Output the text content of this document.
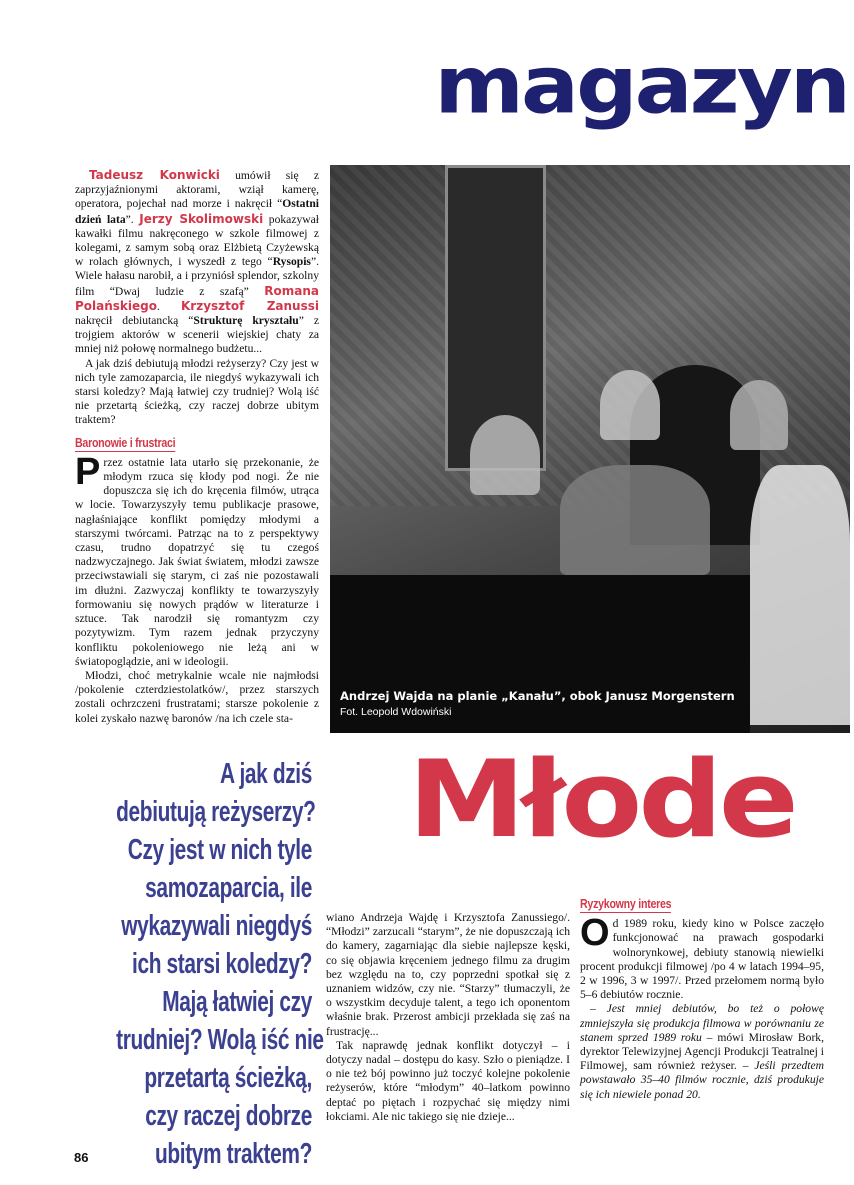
magazyn

Tadeusz Konwicki umówił się z zaprzyjaźnionymi aktorami, wziął kamerę, operatora, pojechał nad morze i nakręcił “Ostatni dzień lata”. Jerzy Skolimowski pokazywał kawałki filmu nakręconego w szkole filmowej z kolegami, z samym sobą oraz Elżbietą Czyżewską w rolach głównych, i wyszedł z tego “Rysopis”. Wiele hałasu narobił, a i przyniósł splendor, szkolny film “Dwaj ludzie z szafą” Romana Polańskiego. Krzysztof Zanussi nakręcił debiutancką “Strukturę kryształu” z trojgiem aktorów w scenerii wiejskiej chaty za mniej niż połowę normalnego budżetu...

A jak dziś debiutują młodzi reżyserzy? Czy jest w nich tyle zamozaparcia, ile niegdyś wykazywali ich starsi koledzy? Mają łatwiej czy trudniej? Wolą iść nie przetartą ścieżką, czy raczej dobrze ubitym traktem?

Baronowie i frustraci

Przez ostatnie lata utarło się przekonanie, że młodym rzuca się kłody pod nogi. Że nie dopuszcza się ich do kręcenia filmów, utrąca w locie. Towarzyszyły temu publikacje prasowe, nagłaśniające konflikt pomiędzy młodymi a starszymi twórcami. Patrząc na to z perspektywy czasu, trudno dopatrzyć się tu czegoś nadzwyczajnego. Jak świat światem, młodzi zawsze przeciwstawiali się starym, ci zaś nie pozostawali im dłużni. Zazwyczaj konflikty te towarzyszyły formowaniu się nowych prądów w literaturze i sztuce. Tak narodził się romantyzm czy pozytywizm. Tym razem jednak przyczyny konfliktu pokoleniowego nie leżą ani w światopoglądzie, ani w ideologii.

Młodzi, choć metrykalnie wcale nie najmłodsi /pokolenie czterdziestolatków/, przez starszych zostali ochrzczeni frustratami; starsze pokolenie z kolei zyskało nazwę baronów /na ich czele sta-

Andrzej Wajda na planie „Kanału”, obok Janusz Morgenstern
Fot. Leopold Wdowiński
A jak dziś
debiutują reżyserzy?
Czy jest w nich tyle
samozaparcia, ile
wykazywali niegdyś
ich starsi koledzy?
Mają łatwiej czy
trudniej? Wolą iść nie
przetartą ścieżką,
czy raczej dobrze
ubitym traktem?
Młode

wiano Andrzeja Wajdę i Krzysztofa Zanussiego/. “Młodzi” zarzucali “starym”, że nie dopuszczają ich do kamery, zagarniając dla siebie najlepsze kęski, co się objawia kręceniem jednego filmu za drugim bez względu na to, czy poprzedni spotkał się z uznaniem widzów, czy nie. “Starzy” tłumaczyli, że o wszystkim decyduje talent, a tego ich oponentom właśnie brak. Przerost ambicji przekłada się zaś na frustrację...

Tak naprawdę jednak konflikt dotyczył – i dotyczy nadal – dostępu do kasy. Szło o pieniądze. I o nie też bój powinno już toczyć kolejne pokolenie reżyserów, które “młodym” 40–latkom powinno deptać po piętach i rozpychać się między nimi łokciami. Ale nic takiego się nie dzieje...

Ryzykowny interes

Od 1989 roku, kiedy kino w Polsce zaczęło funkcjonować na prawach gospodarki wolnorynkowej, debiuty stanowią niewielki procent produkcji filmowej /po 4 w latach 1994–95, 2 w 1996, 3 w 1997/. Przed przełomem normą było 5–6 debiutów rocznie.

– Jest mniej debiutów, bo też o połowę zmniejszyła się produkcja filmowa w porównaniu ze stanem sprzed 1989 roku – mówi Mirosław Bork, dyrektor Telewizyjnej Agencji Produkcji Teatralnej i Filmowej, sam również reżyser. – Jeśli przedtem powstawało 35–40 filmów rocznie, dziś produkuje się ich niewiele ponad 20.

86
